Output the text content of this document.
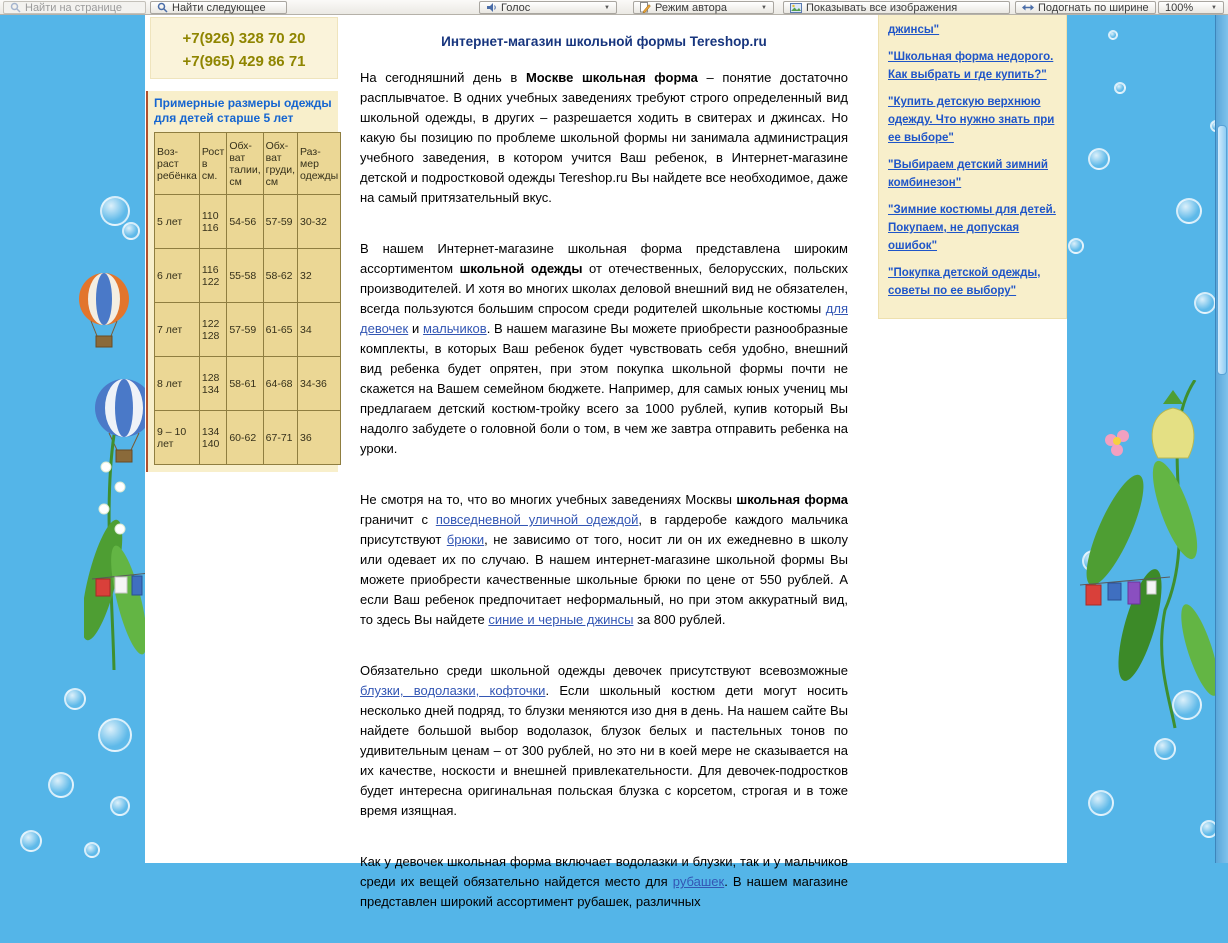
Найти на странице	Найти следующее	Голос	▼	Режим автора	▼	Показывать все изображения	Подогнать по ширине 100%	▼
+7(926) 328 70 20
+7(965) 429 86 71
Примерные размеры одежды для детей старше 5 лет
Воз-раст ребёнка	Рост в см.	Обх-ват талии, см	Обх-ват груди, см	Раз-мер одежды
5 лет	110 116	54-56	57-59	30-32
6 лет	116 122	55-58	58-62	32
7 лет	122 128	57-59	61-65	34
8 лет	128 134	58-61	64-68	34-36
9 – 10 лет	134 140	60-62	67-71	36
Интернет-магазин школьной формы Tereshop.ru

На сегодняшний день в Москве школьная форма – понятие достаточно расплывчатое. В одних учебных заведениях требуют строго определенный вид школьной одежды, в других – разрешается ходить в свитерах и джинсах. Но какую бы позицию по проблеме школьной формы ни занимала администрация учебного заведения, в котором учится Ваш ребенок, в Интернет-магазине детской и подростковой одежды Tereshop.ru Вы найдете все необходимое, даже на самый притязательный вкус.

В нашем Интернет-магазине школьная форма представлена широким ассортиментом школьной одежды от отечественных, белорусских, польских производителей. И хотя во многих школах деловой внешний вид не обязателен, всегда пользуются большим спросом среди родителей школьные костюмы для девочек и мальчиков. В нашем магазине Вы можете приобрести разнообразные комплекты, в которых Ваш ребенок будет чувствовать себя удобно, внешний вид ребенка будет опрятен, при этом покупка школьной формы почти не скажется на Вашем семейном бюджете. Например, для самых юных учениц мы предлагаем детский костюм-тройку всего за 1000 рублей, купив который Вы надолго забудете о головной боли о том, в чем же завтра отправить ребенка на уроки.

Не смотря на то, что во многих учебных заведениях Москвы школьная форма граничит с повседневной уличной одеждой, в гардеробе каждого мальчика присутствуют брюки, не зависимо от того, носит ли он их ежедневно в школу или одевает их по случаю. В нашем интернет-магазине школьной формы Вы можете приобрести качественные школьные брюки по цене от 550 рублей. А если Ваш ребенок предпочитает неформальный, но при этом аккуратный вид, то здесь Вы найдете синие и черные джинсы за 800 рублей.

Обязательно среди школьной одежды девочек присутствуют всевозможные блузки, водолазки, кофточки. Если школьный костюм дети могут носить несколько дней подряд, то блузки меняются изо дня в день. На нашем сайте Вы найдете большой выбор водолазок, блузок белых и пастельных тонов по удивительным ценам – от 300 рублей, но это ни в коей мере не сказывается на их качестве, носкости и внешней привлекательности. Для девочек-подростков будет интересна оригинальная польская блузка с корсетом, строгая и в тоже время изящная.

Как у девочек школьная форма включает водолазки и блузки, так и у мальчиков среди их вещей обязательно найдется место для рубашек. В нашем магазине представлен широкий ассортимент рубашек, различных

джинсы"
"Школьная форма недорого. Как выбрать и где купить?"
"Купить детскую верхнюю одежду. Что нужно знать при ее выборе"
"Выбираем детский зимний комбинезон"
"Зимние костюмы для детей. Покупаем, не допуская ошибок"
"Покупка детской одежды, советы по ее выбору"
